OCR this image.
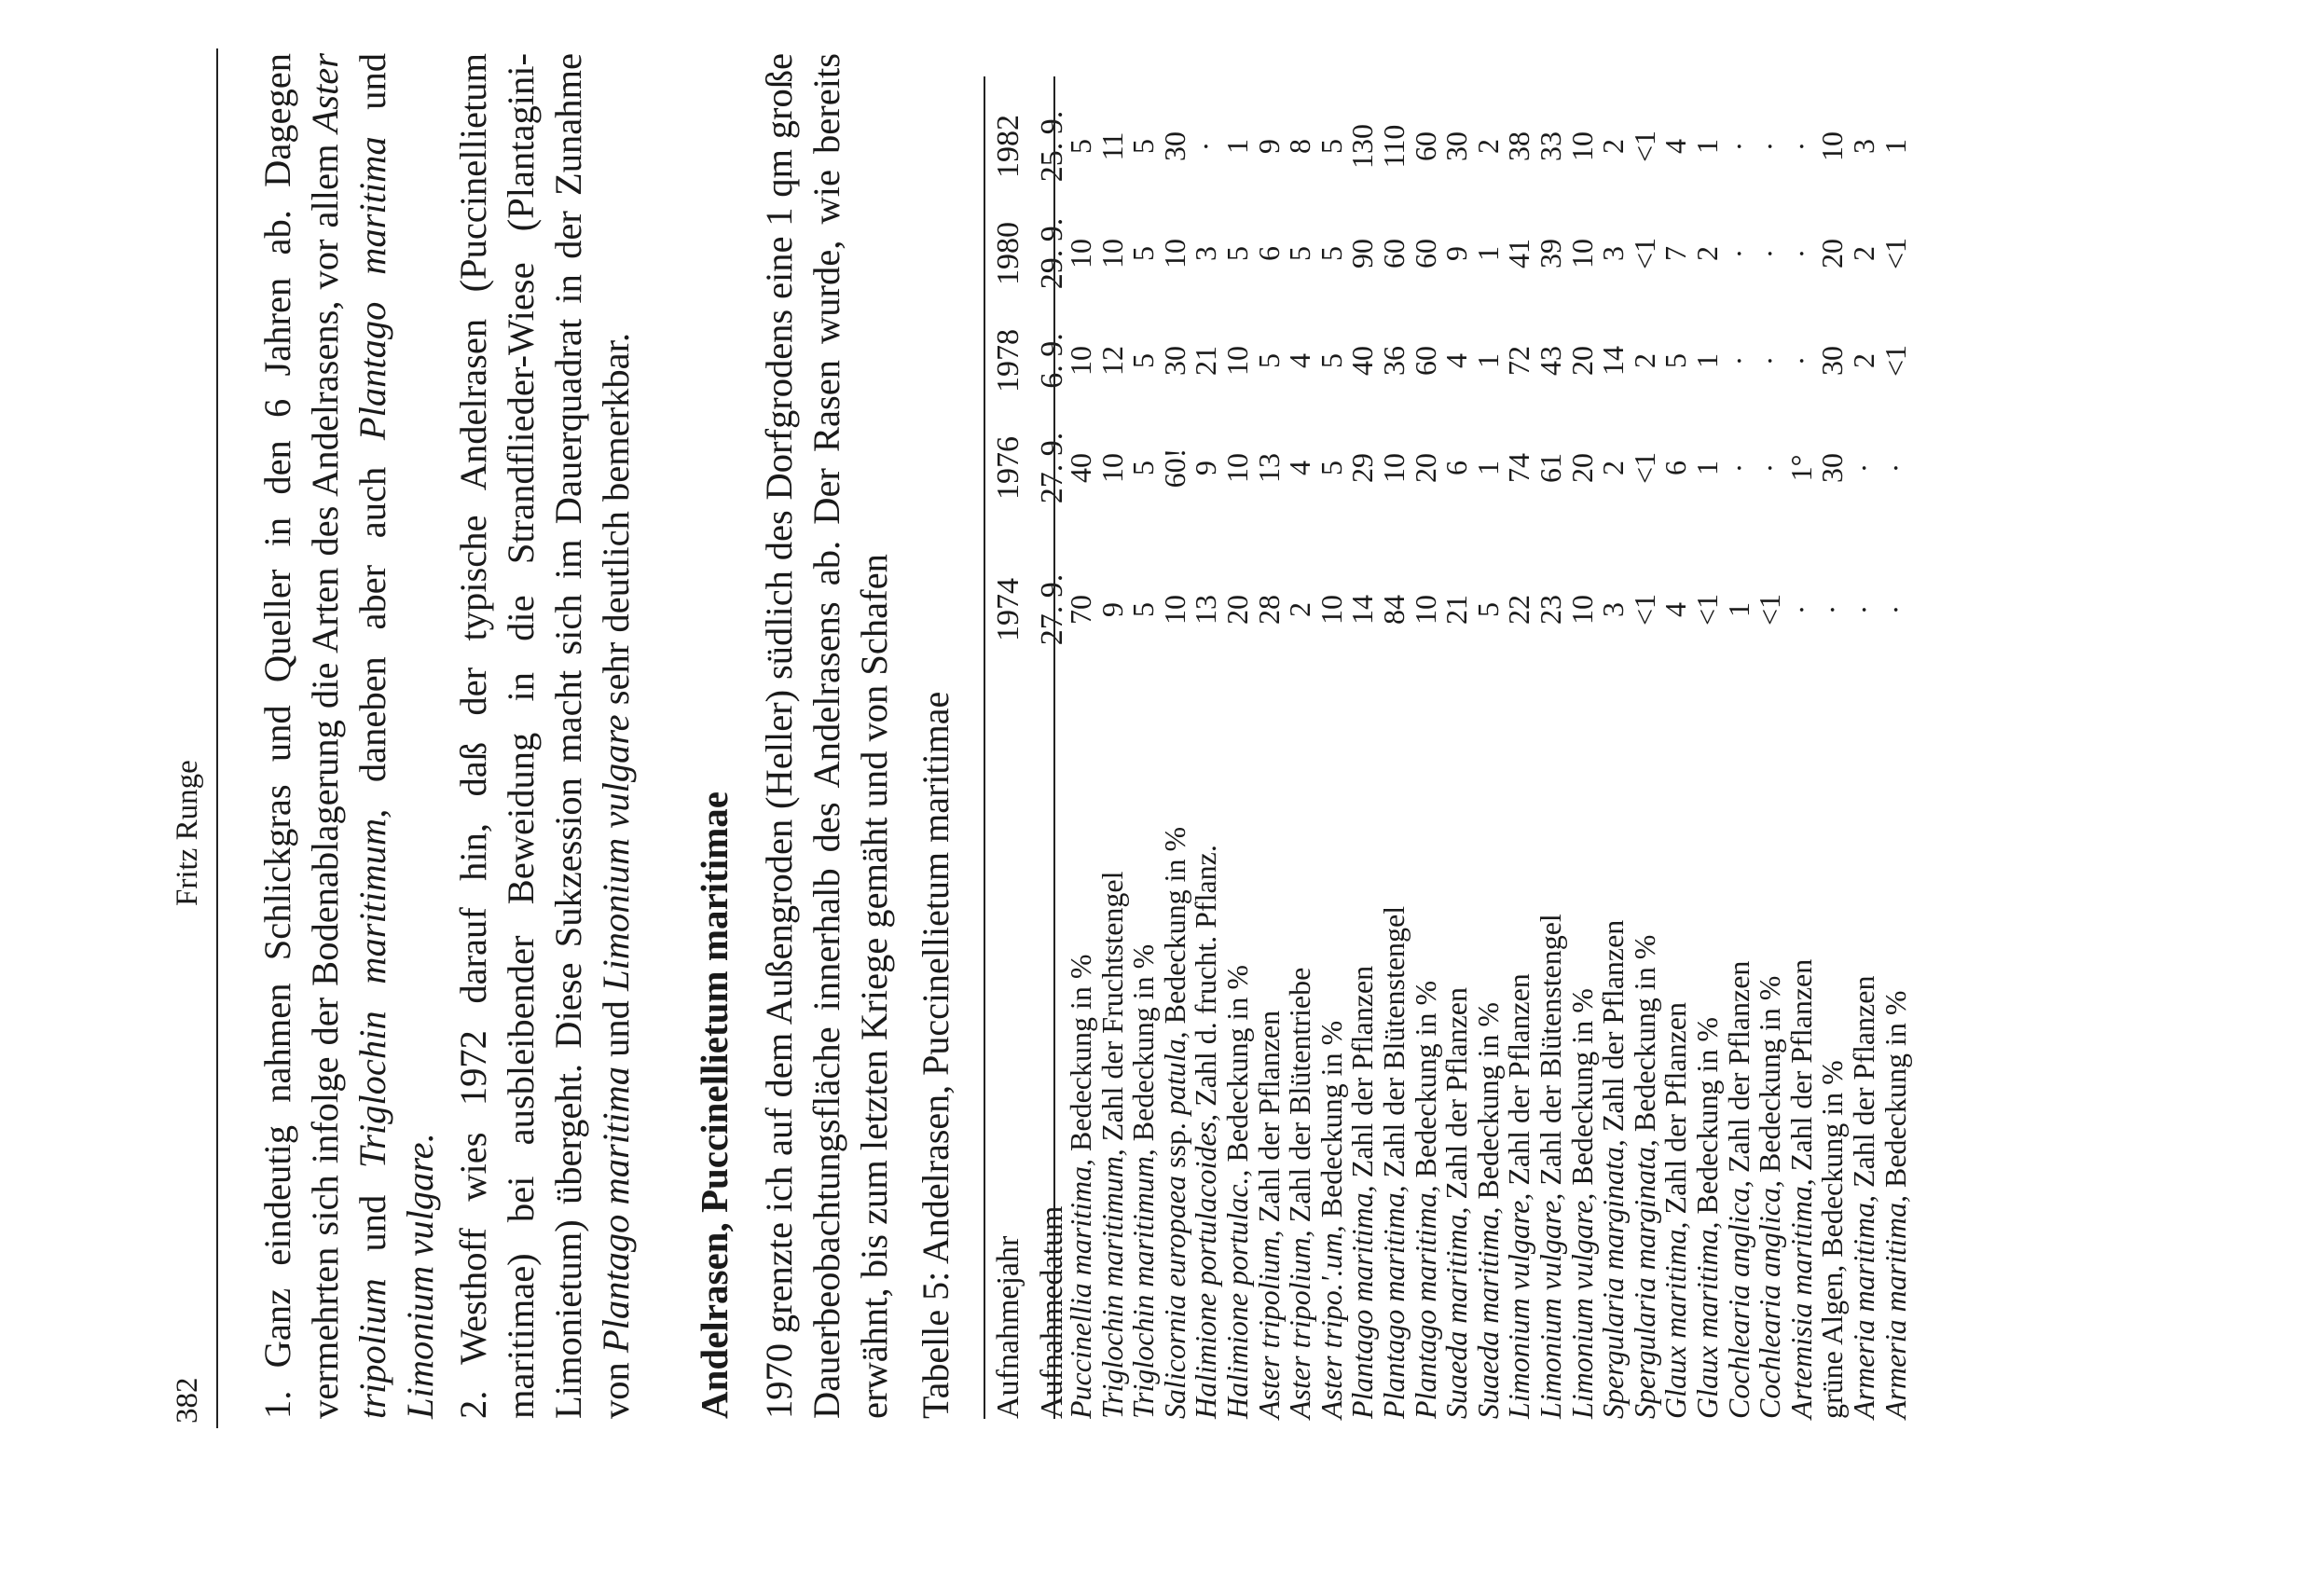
382
Fritz Runge 1. Ganz eindeutig nahmen Schlickgras und Queller in den 6 Jahren ab. Dagegen vermehrten sich infolge der Bodenablagerung die Arten des Andelrasens, vor allem Aster tripolium und Triglochin maritimum, daneben aber auch Plantago maritima und Limonium vulgare. 2. Westhoff wies 1972 darauf hin, daß der typische Andelrasen (Puccinellietum maritimae) bei ausbleibender Beweidung in die Strandflieder-Wiese (Plantagini-Limonietum) übergeht. Diese Sukzession macht sich im Dauerquadrat in der Zunahme von Plantago maritima und Limonium vulgare sehr deutlich bemerkbar.
Andelrasen, Puccinellietum maritimae 1970 grenzte ich auf dem Außengroden (Heller) südlich des Dorfgrodens eine 1 qm große Dauerbeobachtungsfläche innerhalb des Andelrasens ab. Der Rasen wurde, wie bereits erwähnt, bis zum letzten Kriege gemäht und von Schafen Tabelle 5: Andelrasen, Puccinellietum maritimae Aufnahmejahr Aufnahmedatum
1974
1976
1978
1980
1982
27. 9.
27. 9.
6. 9.
29. 9.
25. 9.
Puccinellia maritima, Bedeckung in %
70
40
10
10
5
Triglochin maritimum, Zahl der Fruchtstengel
9
10
12
10
11
Triglochin maritimum, Bedeckung in %
5
5
5
5
5
Salicornia europaea ssp. patula, Bedeckung in %
10
60!
30
10
30
Halimione portulacoides, Zahl d. frucht. Pflanz.
13
9
21
3
·
Halimione portulac., Bedeckung in %
20
10
10
5
1
Aster tripolium, Zahl der Pflanzen
28
13
5
6
9
Aster tripolium, Zahl der Blütentriebe
2
4
4
5
8
Aster tripo.'.um, Bedeckung in %
10
5
5
5
5
Plantago maritima, Zahl der Pflanzen
14
29
40
90
130
Plantago maritima, Zahl der Blütenstengel
84
10
36
60
110
Plantago maritima, Bedeckung in %
10
20
60
60
60
Suaeda maritima, Zahl der Pflanzen
21
6
4
9
30
Suaeda maritima, Bedeckung in %
5
1
1
1
2
Limonium vulgare, Zahl der Pflanzen
22
74
72
41
38
Limonium vulgare, Zahl der Blütenstengel
23
61
43
39
33
Limonium vulgare, Bedeckung in %
10
20
20
10
10
Spergularia marginata, Zahl der Pflanzen
3
2
14
3
2
Spergularia marginata, Bedeckung in %
<1
<1
2
<1
<1
Glaux maritima, Zahl der Pflanzen
4
6
5
7
4
Glaux maritima, Bedeckung in %
<1
1
1
2
1
Cochlearia anglica, Zahl der Pflanzen
1
·
·
·
·
Cochlearia anglica, Bedeckung in %
<1
·
·
·
·
Artemisia maritima, Zahl der Pflanzen
·
1°
·
·
·
grüne Algen, Bedeckung in %
·
30
30
20
10
Armeria maritima, Zahl der Pflanzen
·
·
2
2
3
Armeria maritima, Bedeckung in %
·
·
<1
<1
1
